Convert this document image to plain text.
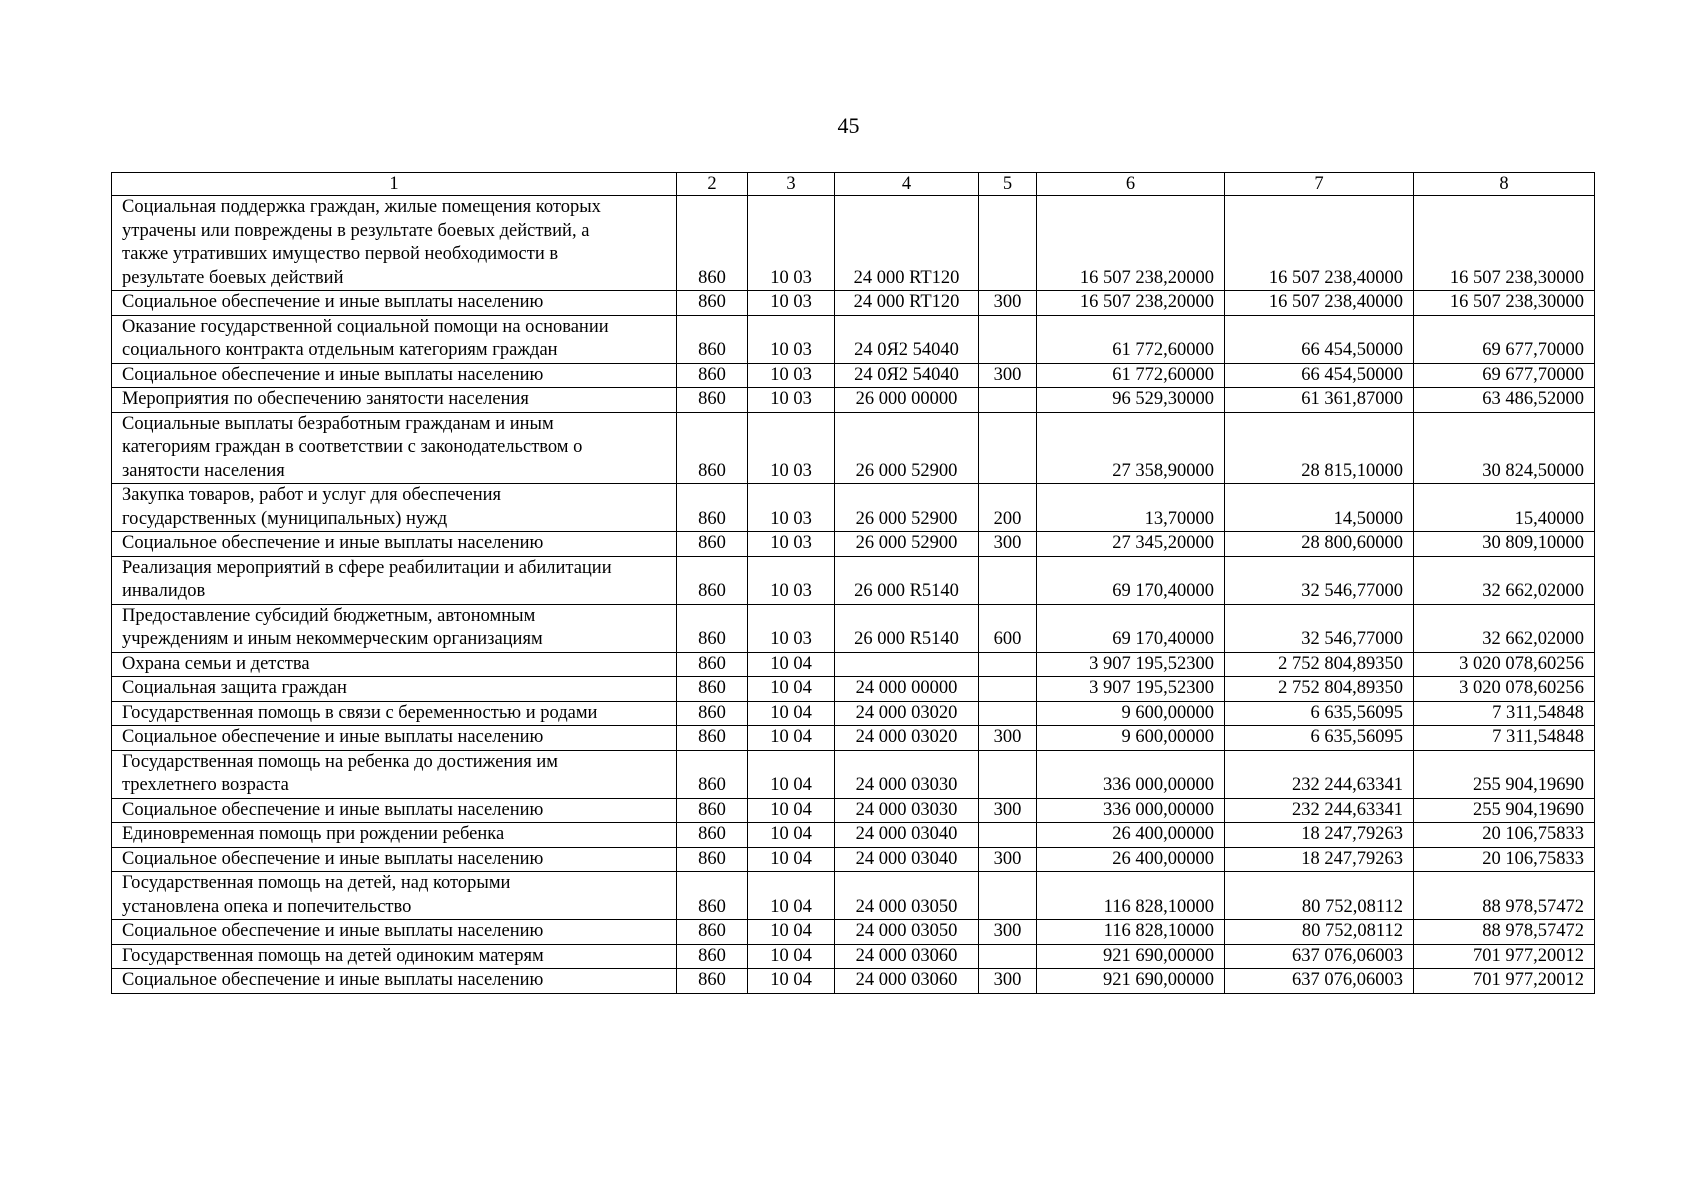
45
1	2	3	4	5	6	7	8
Социальная поддержка граждан, жилые помещения которых
утрачены или повреждены в результате боевых действий, а
также утративших имущество первой необходимости в
результате боевых действий	860	10 03	24 000 RT120		16 507 238,20000	16 507 238,40000	16 507 238,30000
Социальное обеспечение и иные выплаты населению	860	10 03	24 000 RT120	300	16 507 238,20000	16 507 238,40000	16 507 238,30000
Оказание государственной социальной помощи на основании
социального контракта отдельным категориям граждан	860	10 03	24 0Я2 54040		61 772,60000	66 454,50000	69 677,70000
Социальное обеспечение и иные выплаты населению	860	10 03	24 0Я2 54040	300	61 772,60000	66 454,50000	69 677,70000
Мероприятия по обеспечению занятости населения	860	10 03	26 000 00000		96 529,30000	61 361,87000	63 486,52000
Социальные выплаты безработным гражданам и иным
категориям граждан в соответствии с законодательством о
занятости населения	860	10 03	26 000 52900		27 358,90000	28 815,10000	30 824,50000
Закупка товаров, работ и услуг для обеспечения
государственных (муниципальных) нужд	860	10 03	26 000 52900	200	13,70000	14,50000	15,40000
Социальное обеспечение и иные выплаты населению	860	10 03	26 000 52900	300	27 345,20000	28 800,60000	30 809,10000
Реализация мероприятий в сфере реабилитации и абилитации
инвалидов	860	10 03	26 000 R5140		69 170,40000	32 546,77000	32 662,02000
Предоставление субсидий бюджетным, автономным
учреждениям и иным некоммерческим организациям	860	10 03	26 000 R5140	600	69 170,40000	32 546,77000	32 662,02000
Охрана семьи и детства	860	10 04			3 907 195,52300	2 752 804,89350	3 020 078,60256
Социальная защита граждан	860	10 04	24 000 00000		3 907 195,52300	2 752 804,89350	3 020 078,60256
Государственная помощь в связи с беременностью и родами	860	10 04	24 000 03020		9 600,00000	6 635,56095	7 311,54848
Социальное обеспечение и иные выплаты населению	860	10 04	24 000 03020	300	9 600,00000	6 635,56095	7 311,54848
Государственная помощь на ребенка до достижения им
трехлетнего возраста	860	10 04	24 000 03030		336 000,00000	232 244,63341	255 904,19690
Социальное обеспечение и иные выплаты населению	860	10 04	24 000 03030	300	336 000,00000	232 244,63341	255 904,19690
Единовременная помощь при рождении ребенка	860	10 04	24 000 03040		26 400,00000	18 247,79263	20 106,75833
Социальное обеспечение и иные выплаты населению	860	10 04	24 000 03040	300	26 400,00000	18 247,79263	20 106,75833
Государственная помощь на детей, над которыми
установлена опека и попечительство	860	10 04	24 000 03050		116 828,10000	80 752,08112	88 978,57472
Социальное обеспечение и иные выплаты населению	860	10 04	24 000 03050	300	116 828,10000	80 752,08112	88 978,57472
Государственная помощь на детей одиноким матерям	860	10 04	24 000 03060		921 690,00000	637 076,06003	701 977,20012
Социальное обеспечение и иные выплаты населению	860	10 04	24 000 03060	300	921 690,00000	637 076,06003	701 977,20012
